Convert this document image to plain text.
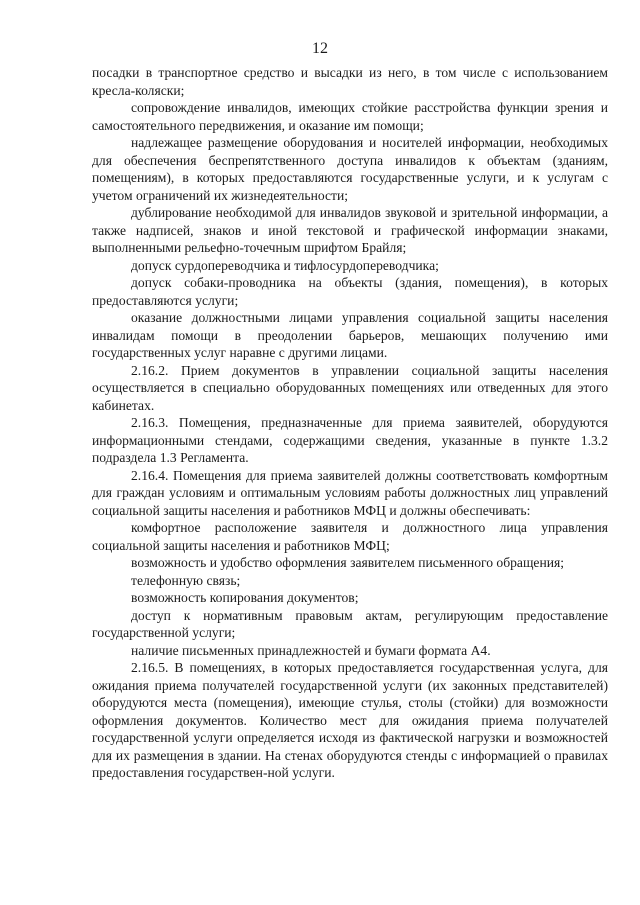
12

посадки в транспортное средство и высадки из него, в том числе с использованием кресла-коляски;

сопровождение инвалидов, имеющих стойкие расстройства функции зрения и самостоятельного передвижения, и оказание им помощи;

надлежащее размещение оборудования и носителей информации, необходимых для обеспечения беспрепятственного доступа инвалидов к объектам (зданиям, помещениям), в которых предоставляются государственные услуги, и к услугам с учетом ограничений их жизнедеятельности;

дублирование необходимой для инвалидов звуковой и зрительной информации, а также надписей, знаков и иной текстовой и графической информации знаками, выполненными рельефно-точечным шрифтом Брайля;

допуск сурдопереводчика и тифлосурдопереводчика;

допуск собаки-проводника на объекты (здания, помещения), в которых предоставляются услуги;

оказание должностными лицами управления социальной защиты населения инвалидам помощи в преодолении барьеров, мешающих получению ими государственных услуг наравне с другими лицами.

2.16.2. Прием документов в управлении социальной защиты населения осуществляется в специально оборудованных помещениях или отведенных для этого кабинетах.

2.16.3. Помещения, предназначенные для приема заявителей, оборудуются информационными стендами, содержащими сведения, указанные в пункте 1.3.2 подраздела 1.3 Регламента.

2.16.4. Помещения для приема заявителей должны соответствовать комфортным для граждан условиям и оптимальным условиям работы должностных лиц управлений социальной защиты населения и работников МФЦ и должны обеспечивать:

комфортное расположение заявителя и должностного лица управления социальной защиты населения и работников МФЦ;

возможность и удобство оформления заявителем письменного обращения;

телефонную связь;

возможность копирования документов;

доступ к нормативным правовым актам, регулирующим предоставление государственной услуги;

наличие письменных принадлежностей и бумаги формата А4.

2.16.5. В помещениях, в которых предоставляется государственная услуга, для ожидания приема получателей государственной услуги (их законных представителей) оборудуются места (помещения), имеющие стулья, столы (стойки) для возможности оформления документов. Количество мест для ожидания приема получателей государственной услуги определяется исходя из фактической нагрузки и возможностей для их размещения в здании. На стенах оборудуются стенды с информацией о правилах предоставления государствен-ной услуги.
